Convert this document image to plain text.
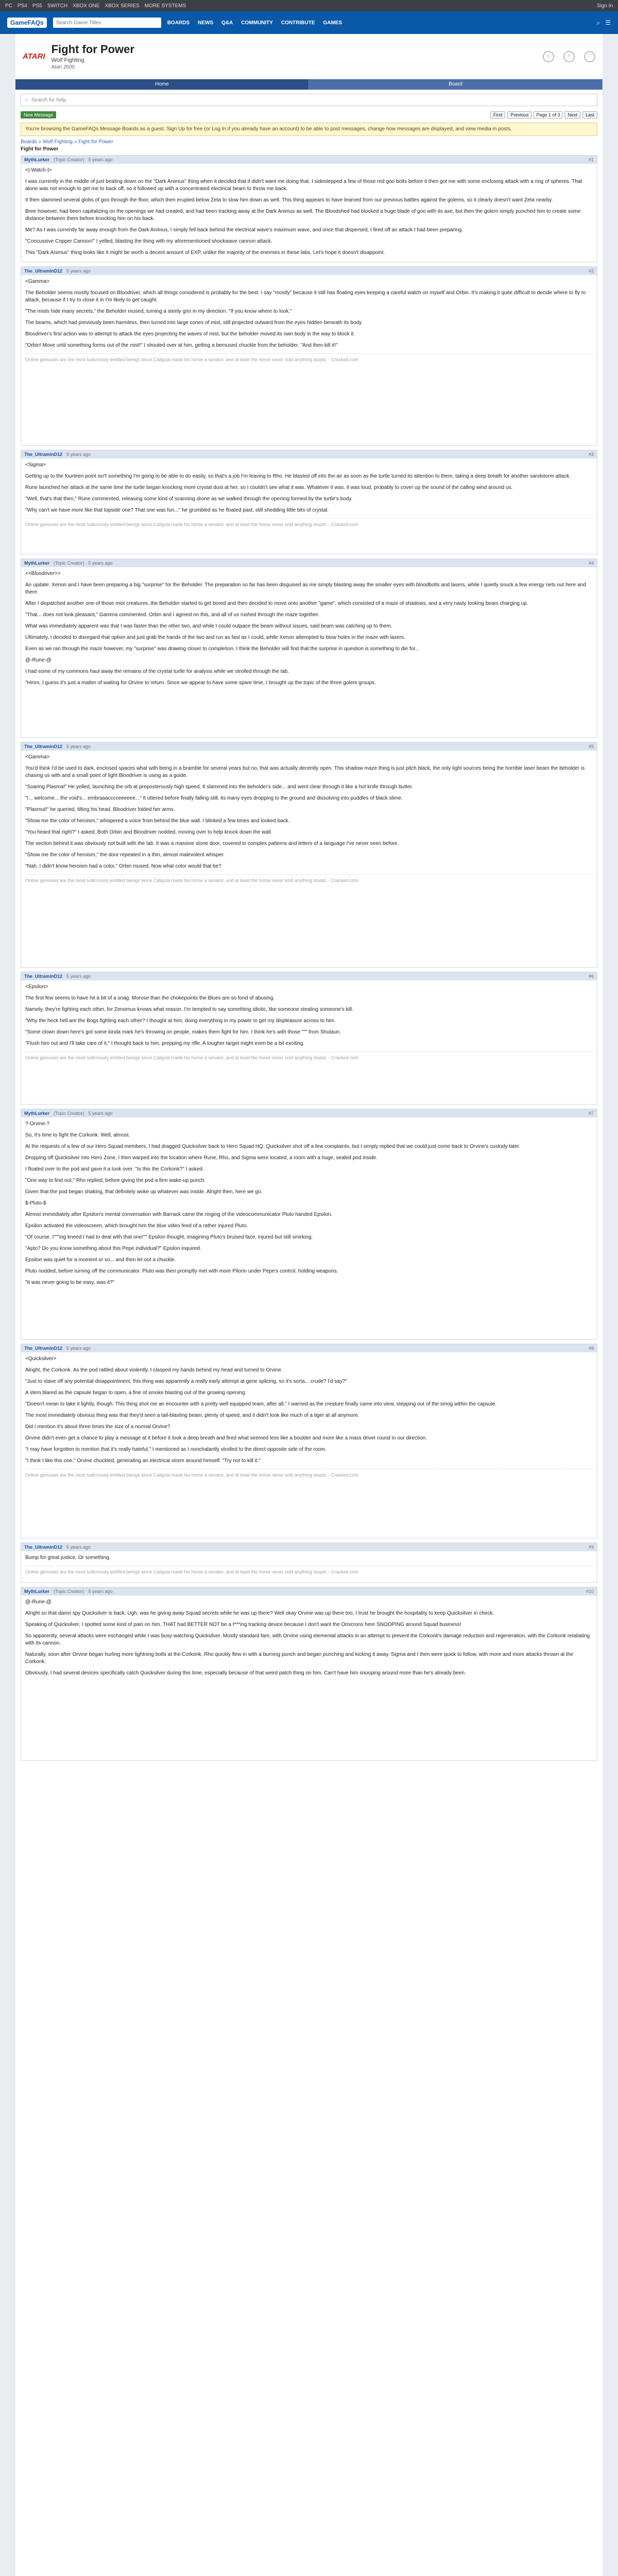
PC PS4 PS5 SWITCH XBOX ONE XBOX SERIES MORE SYSTEMS	Sign In
GameFAQs
Search Game Titles	BOARDS NEWS Q&A COMMUNITY CONTRIBUTE GAMES	⌕ ☰
ATARI
Fight for Power
Wolf Fighting
Atari 2600
☆	!	♡
Home	Board
⌕ Search for help
New Message	First	Previous	Page 1 of 3	Next	Last
You're browsing the GameFAQs Message Boards as a guest. Sign Up for free (or Log In if you already have an account) to be able to post messages, change how messages are displayed, and view media in posts.
Boards » Wolf Fighting » Fight for Power
Fight for Power
MythLurker (Topic Creator) · 5 years ago	#1

<|-Watch-|>

I was currently in the middle of just beating down on the "Dark Animus" thing when it decided that it didn't want me doing that. I sidestepped a few of those red goo bolts before it then got me with some enclosing attack with a ring of spheres. That alone was not enough to get me to back off, so it followed up with a concentrated electrical beam to throw me back.

It then slammed several globs of goo through the floor, which then erupted below Zeta to slow him down as well. This thing appears to have learned from our previous battles against the golems, so it clearly doesn't want Zeta nearby.

Bree however, had been capitalizing on the openings we had created, and had been tracking away at the Dark Animus as well. The Bloodshed had blocked a huge blade of goo with its axe, but then the golem simply punched him to create some distance between them before knocking him on his back.

Me? As I was currently far away enough from the Dark Animus, I simply fell back behind the electrical wave's maximum wave, and once that dispersed, I fired off an attack I had been preparing.

"Concussive Copper Cannon!" I yelled, blasting the thing with my aforementioned shockwave cannon attack.

This "Dark Animus" thing looks like it might be worth a decent amount of EXP, unlike the majority of the enemies in these labs. Let's hope it doesn't disappoint.

The_UltraminD12 5 years ago	#2

<Gamma>

The Beholder seems mostly focused on Bloodriver, which all things considered is probably for the best. I say "mostly" because it still has floating eyes keeping a careful watch on myself and Orbin. It's making it quite difficult to decide where to fly to attack, because if I try to close it in I'm likely to get caught.

"The mists hide many secrets," the Beholder mused, turning a steely grin in my direction. "If you know where to look."

The beams, which had previously been harmless, then turned into large cones of mist, still projected outward from the eyes hidden beneath its body.

Bloodriver's first action was to attempt to attack the eyes projecting the waves of mist, but the beholder moved its own body in the way to block it.

"Orbin! Move until something forms out of the mist!" I shouted over at him, getting a bemused chuckle from the beholder. "And then kill it!"

Online geniuses are the most ludicrously entitled beings since Caligula made his horse a senator, and at least the horse never sold anything stupid. - Cracked.com
The_UltraminD12 5 years ago	#3

<Sigma>

Getting up to the fourteen point isn't something I'm going to be able to do easily, so that's a job I'm leaving to Rho. He blasted off into the air as soon as the turtle turned its attention to them, taking a deep breath for another sandstorm attack.

Rune launched her attack at the same time the turtle began knocking more crystal dust at her, so I couldn't see what it was. Whatever it was, it was loud, probably to cover up the sound of the calling wind around us.

"Well, that's that then," Rune commented, releasing some kind of scanning drone as we walked through the opening formed by the turtle's body.

"Why can't we have more like that topside one? That one was fun..." he grumbled as he floated past, still shedding little bits of crystal.

Online geniuses are the most ludicrously entitled beings since Caligula made his horse a senator, and at least the horse never sold anything stupid. - Cracked.com
MythLurker (Topic Creator) · 5 years ago	#4

<<Bloodriver>>

An update: Xenon and I have been preparing a big "surprise" for the Beholder. The preparation so far has been disguised as me simply blasting away the smaller eyes with bloodbolts and lasers, while I quietly snuck a few energy nets out here and there.

After I dispatched another one of those mist creatures, the Beholder started to get bored and then decided to move onto another "game", which consisted of a maze of shadows, and a very nasty looking beam charging up.

"That... does not look pleasant," Gamma commented. Orbin and I agreed on this, and all of us rushed through the maze together.

What was immediately apparent was that I was faster than the other two, and while I could outpace the beam without issues, said beam was catching up to them.

Ultimately, I decided to disregard that option and just grab the hands of the two and run as fast as I could, while Xenon attempted to blow holes in the maze with lasers.

Even as we ran through the maze however, my "surprise" was drawing closer to completion. I think the Beholder will find that the surprise in question is something to die for...

@-Rune-@

I had some of my commons haul away the remains of the crystal turtle for analysis while we strolled through the lab.

"Hmm, I guess it's just a matter of waiting for Orvine to return. Since we appear to have some spare time, I brought up the topic of the three golem groups.

The_UltraminD12 5 years ago	#5

<Gamma>

You'd think I'd be used to dark, enclosed spaces what with being in a bramble for several years but no, that was actually decently open. This shadow maze thing is just pitch black, the only light sources being the horrible laser beam the beholder is chasing us with and a small point of light Bloodriver is using as a guide.

"Soaring Plasma!" He yelled, launching the orb at preposterously high speed. It slammed into the beholder's side... and went clear through it like a hot knife through butter.

"I... welcome... the void's... embraaacccceeeeee..." It uttered before finally falling still, its many eyes dropping to the ground and dissolving into puddles of black slime.

"Plasmul!" he queried, tilting his head. Bloodriver folded her arms.

"Show me the color of heroism," whispered a voice from behind the blue wall. I blinked a few times and looked back.

"You heard that right?" I asked. Both Orbin and Bloodriver nodded, moving over to help knock down the wall.

The section behind it was obviously not built with the lab. It was a massive stone door, covered in complex patterns and letters of a language I've never seen before.

"Show me the color of heroism," the door repeated in a thin, almost malevolent whisper.

"Nah. I didn't know heroism had a color," Orbin mused. Now what color would that be?

Online geniuses are the most ludicrously entitled beings since Caligula made his horse a senator, and at least the horse never sold anything stupid. - Cracked.com
The_UltraminD12 5 years ago	#6

<Epsilon>

The first few seems to have hit a bit of a snag. Morose than the chokepoints the Blues are so fond of abusing.

Namely, they're fighting each other, for Zenomus knows what reason. I'm tempted to say something idiotic, like someone stealing someone's kill.

"Why the heck hell are the Bogs fighting each other? I thought at him, doing everything in my power to get my displeasure across to him.

"Some clown down here's got some kinda mark he's throwing on people, makes them fight for him. I think he's with those """ from Shutaun.

"Flush him out and I'll take care of it," I thought back to him, prepping my rifle. A tougher target might even be a bit exciting.

Online geniuses are the most ludicrously entitled beings since Caligula made his horse a senator, and at least the horse never sold anything stupid. - Cracked.com
MythLurker (Topic Creator) · 5 years ago	#7

?-Orvine-?

So, it's time to fight the Corkonk. Well, almost.

At the requests of a few of our Hero Squad members, I had dragged Quicksilver back to Hero Squad HQ. Quicksilver shot off a few complaints, but I simply replied that we could just come back to Orvine's custody later.

Dropping off Quicksilver into Hero Zone, I then warped into the location where Rune, Rho, and Sigma were located, a room with a huge, sealed pod inside.

I floated over to the pod and gave it a look over. "Is this the Corkonk?" I asked.

"One way to find out," Rho replied, before giving the pod a firm wake-up punch.

Given that the pod began shaking, that definitely woke up whatever was inside. Alright then, here we go.

$-Pluto-$

Almost immediately after Epsilon's mental conversation with Barrack came the ringing of the videocommunicator Pluto handed Epsilon.

Epsilon activated the videoscreen, which brought him the blue video feed of a rather injured Pluto.

"Of course. I"""ing kneed I had to deal with that one!"" Epsilon thought, imagining Pluto's bruised face, injured but still smirking.

"Apto? Do you know something about this Pepe individual?" Epsilon inquired.

Epsilon was quiet for a moment or so... and then let out a chuckle.

Pluto nodded, before turning off the communicator. Pluto was then promptly met with more Pilorin under Pepe's control, holding weapons.

"It was never going to be easy, was it?"

The_UltraminD12 5 years ago	#8

<Quicksilver>

Alright, the Corkonk. As the pod rattled about violently, I clasped my hands behind my head and turned to Orvine.

"Just to stave off any potential disappointment, this thing was apparently a really early attempt at gene splicing, so it's sorta... crude? I'd say?"

A stem blared as the capsule began to open, a fine of smoke blasting out of the growing opening.

"Doesn't mean to take it lightly, though. This thing shot me an encounter with a pretty well equipped team, after all," I warned as the creature finally came into view, stepping out of the smog within the capsule.

The most immediately obvious thing was that they'd seen a tail-blasting beam, plenty of speed, and it didn't look like much of a tiger at all anymore.

Did I mention it's about three times the size of a normal Orvine?

Orvine didn't even get a chance to play a message at it before it took a deep breath and fired what seemed less like a boulder and more like a mass driver round in our direction.

"I may have forgotten to mention that it's really hateful," I mentioned as I nonchalantly strolled to the direct opposite side of the room.

"I think I like this one," Orvine chuckled, generating an electrical storm around himself. "Try not to kill it."

Online geniuses are the most ludicrously entitled beings since Caligula made his horse a senator, and at least the horse never sold anything stupid. - Cracked.com
The_UltraminD12 5 years ago	#9

Bump for great justice. Or something.

Online geniuses are the most ludicrously entitled beings since Caligula made his horse a senator, and at least the horse never sold anything stupid. - Cracked.com
MythLurker (Topic Creator) · 5 years ago	#10

@-Rune-@

Alright so that damn spy Quicksilver is back. Ugh, was he giving away Squad secrets while he was up there? Well okay Orvine was up there too, I trust he brought the hospitality to keep Quicksilver in check.

Speaking of Quicksilver, I spotted some kind of pain on him. THAT had BETTER NOT be a t***ing tracking device because I don't want the Omicrons here SNOOPING around Squad business!

So apparently, several attacks were exchanged while I was busy watching Quicksilver. Mostly standard fare, with Orvine using elemental attacks in an attempt to prevent the Corkonk's damage reduction and regeneration, with the Corkonk retaliating with its cannon.

Naturally, soon after Orvine began hurling more lightning bolts at the Corkonk, Rho quickly flew in with a burning punch and began punching and kicking it away. Sigma and I then were quick to follow, with more and more attacks thrown at the Corkonk.

Obviously, I had several devices specifically catch Quicksilver during this time, especially because of that weird patch thing on him. Can't have him snooping around more than he's already been.
